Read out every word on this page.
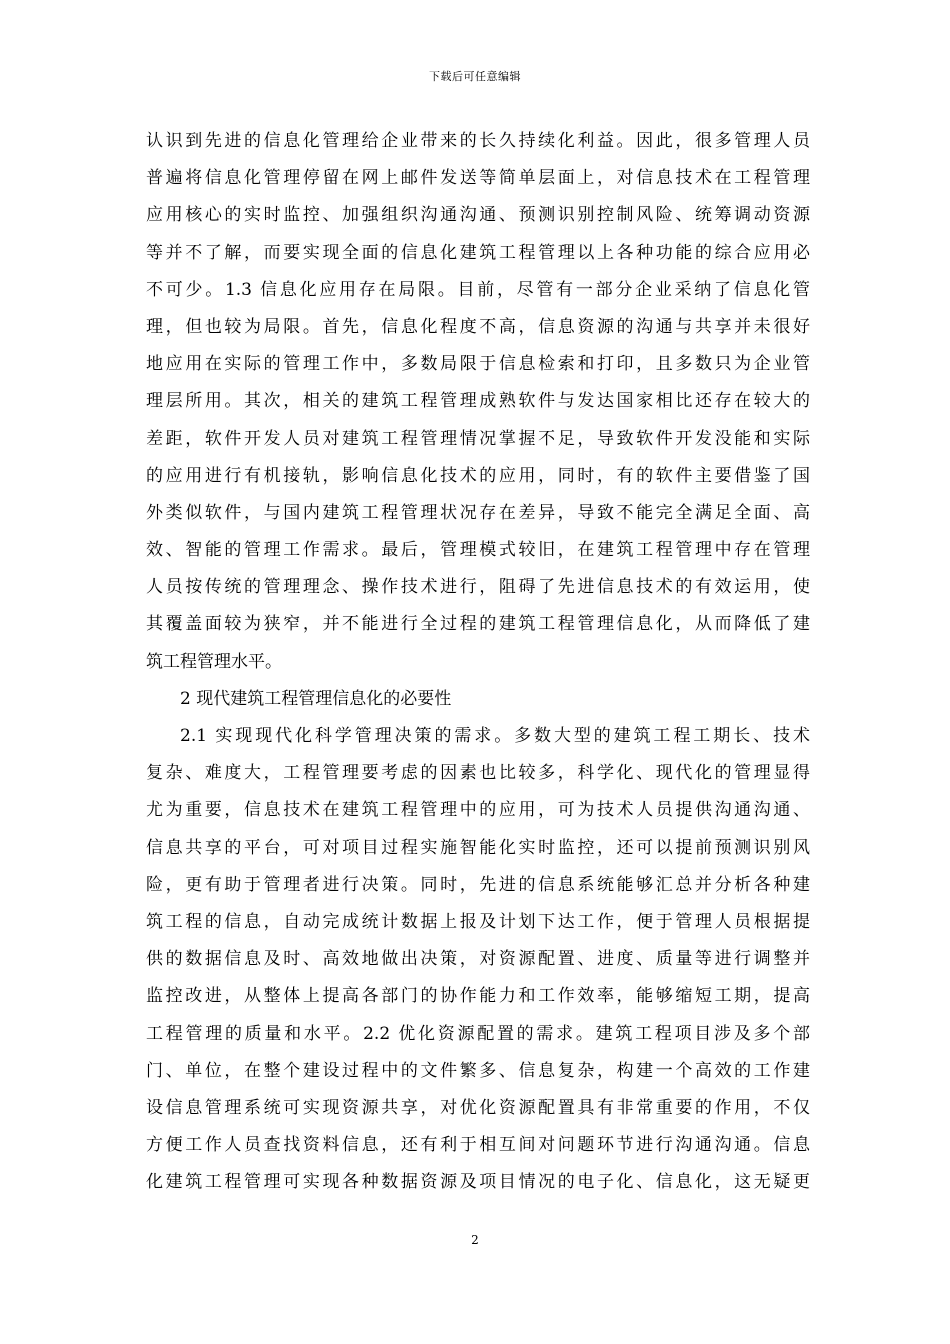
下载后可任意编辑
认识到先进的信息化管理给企业带来的长久持续化利益。因此，很多管理人员
普遍将信息化管理停留在网上邮件发送等简单层面上，对信息技术在工程管理
应用核心的实时监控、加强组织沟通沟通、预测识别控制风险、统筹调动资源
等并不了解，而要实现全面的信息化建筑工程管理以上各种功能的综合应用必
不可少。1.3 信息化应用存在局限。目前，尽管有一部分企业采纳了信息化管
理，但也较为局限。首先，信息化程度不高，信息资源的沟通与共享并未很好
地应用在实际的管理工作中，多数局限于信息检索和打印，且多数只为企业管
理层所用。其次，相关的建筑工程管理成熟软件与发达国家相比还存在较大的
差距，软件开发人员对建筑工程管理情况掌握不足，导致软件开发没能和实际
的应用进行有机接轨，影响信息化技术的应用，同时，有的软件主要借鉴了国
外类似软件，与国内建筑工程管理状况存在差异，导致不能完全满足全面、高
效、智能的管理工作需求。最后，管理模式较旧，在建筑工程管理中存在管理
人员按传统的管理理念、操作技术进行，阻碍了先进信息技术的有效运用，使
其覆盖面较为狭窄，并不能进行全过程的建筑工程管理信息化，从而降低了建
筑工程管理水平。
2 现代建筑工程管理信息化的必要性
2.1 实现现代化科学管理决策的需求。多数大型的建筑工程工期长、技术
复杂、难度大，工程管理要考虑的因素也比较多，科学化、现代化的管理显得
尤为重要，信息技术在建筑工程管理中的应用，可为技术人员提供沟通沟通、
信息共享的平台，可对项目过程实施智能化实时监控，还可以提前预测识别风
险，更有助于管理者进行决策。同时，先进的信息系统能够汇总并分析各种建
筑工程的信息，自动完成统计数据上报及计划下达工作，便于管理人员根据提
供的数据信息及时、高效地做出决策，对资源配置、进度、质量等进行调整并
监控改进，从整体上提高各部门的协作能力和工作效率，能够缩短工期，提高
工程管理的质量和水平。2.2 优化资源配置的需求。建筑工程项目涉及多个部
门、单位，在整个建设过程中的文件繁多、信息复杂，构建一个高效的工作建
设信息管理系统可实现资源共享，对优化资源配置具有非常重要的作用，不仅
方便工作人员查找资料信息，还有利于相互间对问题环节进行沟通沟通。信息
化建筑工程管理可实现各种数据资源及项目情况的电子化、信息化，这无疑更
2
